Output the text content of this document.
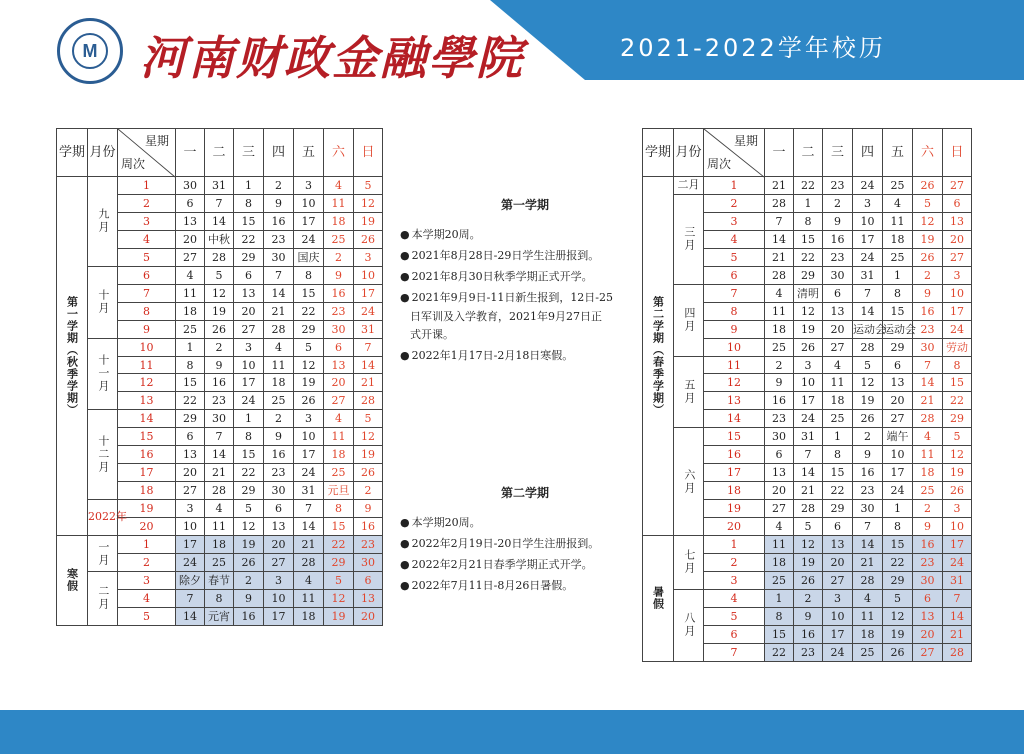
M 河南财政金融學院	2021-2022学年校历
学期	月份	星期
周次	一	二	三	四	五	六	日
第一学期（秋季学期）	九月	1	30	31	1	2	3	4	5
		2	6	7	8	9	10	11	12
		3	13	14	15	16	17	18	19
		4	20	中秋	22	23	24	25	26
		5	27	28	29	30	国庆	2	3

	十月	6	4	5	6	7	8	9	10
		7	11	12	13	14	15	16	17
		8	18	19	20	21	22	23	24
		9	25	26	27	28	29	30	31

	十一月	10	1	2	3	4	5	6	7
		11	8	9	10	11	12	13	14
		12	15	16	17	18	19	20	21
		13	22	23	24	25	26	27	28

	十二月	14	29	30	1	2	3	4	5
		15	6	7	8	9	10	11	12
		16	13	14	15	16	17	18	19
		17	20	21	22	23	24	25	26
		18	27	28	29	30	31	元旦	2

	2022年	19	3	4	5	6	7	8	9
		20	10	11	12	13	14	15	16
寒假	一月	1	17	18	19	20	21	22	23
		2	24	25	26	27	28	29	30

	二月	3	除夕	春节	2	3	4	5	6
		4	7	8	9	10	11	12	13
		5	14	元宵	16	17	18	19	20
第一学期
● 本学期20周。
● 2021年8月28日-29日学生注册报到。
● 2021年8月30日秋季学期正式开学。
● 2021年9月9日-11日新生报到，12日-25
日军训及入学教育，2021年9月27日正
式开课。
● 2022年1月17日-2月18日寒假。
第二学期
● 本学期20周。
● 2022年2月19日-20日学生注册报到。
● 2022年2月21日春季学期正式开学。
● 2022年7月11日-8月26日暑假。
学期	月份	星期
周次	一	二	三	四	五	六	日
第二学期（春季学期）	二月	1	21	22	23	24	25	26	27

	三月	2	28	1	2	3	4	5	6
		3	7	8	9	10	11	12	13
		4	14	15	16	17	18	19	20
		5	21	22	23	24	25	26	27
		6	28	29	30	31	1	2	3

	四月	7	4	清明	6	7	8	9	10
		8	11	12	13	14	15	16	17
		9	18	19	20	运动会	运动会	23	24
		10	25	26	27	28	29	30	劳动

	五月	11	2	3	4	5	6	7	8
		12	9	10	11	12	13	14	15
		13	16	17	18	19	20	21	22
		14	23	24	25	26	27	28	29

	六月	15	30	31	1	2	端午	4	5
		16	6	7	8	9	10	11	12
		17	13	14	15	16	17	18	19
		18	20	21	22	23	24	25	26
		19	27	28	29	30	1	2	3
		20	4	5	6	7	8	9	10
暑假	七月	1	11	12	13	14	15	16	17
		2	18	19	20	21	22	23	24
		3	25	26	27	28	29	30	31

	八月	4	1	2	3	4	5	6	7
		5	8	9	10	11	12	13	14
		6	15	16	17	18	19	20	21
		7	22	23	24	25	26	27	28
